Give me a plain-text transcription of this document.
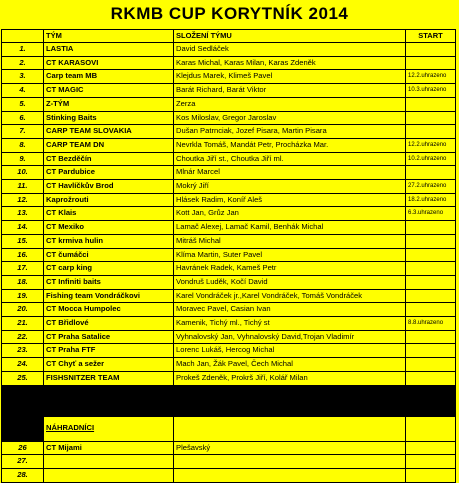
RKMB CUP KORYTNÍK 2014
	TÝM	SLOŽENÍ TÝMU	START
1.	LASTIA	David Sedláček	
2.	CT KARASOVI	Karas Michal, Karas Milan, Karas Zdeněk	
3.	Carp team MB	Klejdus Marek, Klimeš Pavel	12.2.uhrazeno
4.	CT MAGIC	Barát Richard, Barát Viktor	10.3.uhrazeno
5.	Z-TÝM	Zerza	
6.	Stinking Baits	Kos Miloslav, Gregor Jaroslav	
7.	CARP TEAM SLOVAKIA	Dušan Patrnciak, Jozef Pisara, Martin Pisara	
8.	CARP TEAM DN	Nevrkla Tomáš, Mandát Petr, Procházka Mar.	12.2.uhrazeno
9.	CT Bezděčín	Choutka Jiří st., Choutka Jiří ml.	10.2.uhrazeno
10.	CT Pardubice	Mlnár Marcel	
11.	CT Havlíčkův Brod	Mokrý Jiří	27.2.uhrazeno
12.	Kaprožrouti	Hlásek Radim, Koníř Aleš	18.2.uhrazeno
13.	CT Klais	Kott Jan, Grůz Jan	6.3.uhrazeno
14.	CT Mexiko	Lamač Alexej, Lamač Kamil, Benhák Michal	
15.	CT krmiva hulin	Mitráš Michal	
16.	CT čumáčci	Klíma Martin, Suter Pavel	
17.	CT carp king	Havránek Radek, Kameš Petr	
18.	CT Infiniti baits	Vondruš Luděk, Kočí David	
19.	Fishing team Vondráčkovi	Karel Vondráček jr.,Karel Vondráček, Tomáš Vondráček	
20.	CT Mocca Humpolec	Moravec Pavel, Casian Ivan	
21.	CT Břidlové	Kamenik, Tichý ml., Tichý st	8.8.uhrazeno
22.	CT Praha Satalice	Vyhnalovský Jan, Vyhnalovský David,Trojan Vladimír	
23.	CT Praha FTF	Lorenc Lukáš, Hercog Michal	
24.	CT Chyť a sežer	Mach Jan, Žák Pavel, Čech Michal	
25.	FISHSNITZER TEAM	Prokeš Zdeněk, Prokrš Jiří, Kolář Milan	

	NÁHRADNÍCI		
26	CT Mijami	Plešavský	
27.			
28.			
